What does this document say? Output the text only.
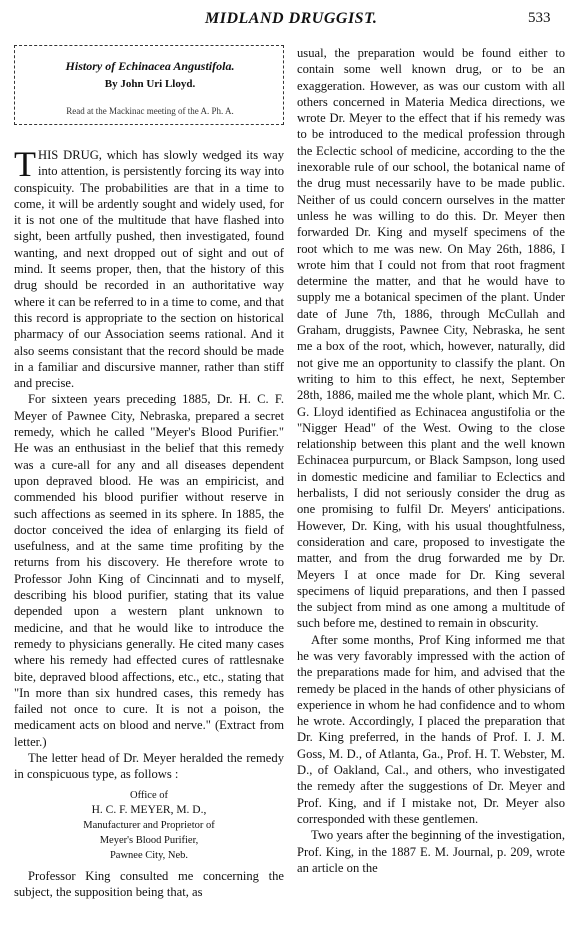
MIDLAND DRUGGIST.	533
History of Echinacea Angustifola.
By John Uri Lloyd.
Read at the Mackinac meeting of the A. Ph. A.

THIS DRUG, which has slowly wedged its way into attention, is persistently forcing its way into conspicuity. The probabilities are that in a time to come, it will be ardently sought and widely used, for it is not one of the multitude that have flashed into sight, been artfully pushed, then investigated, found wanting, and next dropped out of sight and out of mind. It seems proper, then, that the history of this drug should be recorded in an authoritative way where it can be referred to in a time to come, and that this record is appropriate to the section on historical pharmacy of our Association seems rational. And it also seems consistant that the record should be made in a familiar and discursive manner, rather than stiff and precise.

For sixteen years preceding 1885, Dr. H. C. F. Meyer of Pawnee City, Nebraska, prepared a secret remedy, which he called "Meyer's Blood Purifier." He was an enthusiast in the belief that this remedy was a cure-all for any and all diseases dependent upon depraved blood. He was an empiricist, and commended his blood purifier without reserve in such affections as seemed in its sphere. In 1885, the doctor conceived the idea of enlarging its field of usefulness, and at the same time profiting by the returns from his discovery. He therefore wrote to Professor John King of Cincinnati and to myself, describing his blood purifier, stating that its value depended upon a western plant unknown to medicine, and that he would like to introduce the remedy to physicians generally. He cited many cases where his remedy had effected cures of rattlesnake bite, depraved blood affections, etc., etc., stating that "In more than six hundred cases, this remedy has failed not once to cure. It is not a poison, the medicament acts on blood and nerve." (Extract from letter.)

The letter head of Dr. Meyer heralded the remedy in conspicuous type, as follows :

Office of
H. C. F. MEYER, M. D.,
Manufacturer and Proprietor of
Meyer's Blood Purifier,
Pawnee City, Neb.

Professor King consulted me concerning the subject, the supposition being that, as

usual, the preparation would be found either to contain some well known drug, or to be an exaggeration. However, as was our custom with all others concerned in Materia Medica directions, we wrote Dr. Meyer to the effect that if his remedy was to be introduced to the medical profession through the Eclectic school of medicine, according to the the inexorable rule of our school, the botanical name of the drug must necessarily have to be made public. Neither of us could concern ourselves in the matter unless he was willing to do this. Dr. Meyer then forwarded Dr. King and myself specimens of the root which to me was new. On May 26th, 1886, I wrote him that I could not from that root fragment determine the matter, and that he would have to supply me a botanical specimen of the plant. Under date of June 7th, 1886, through McCullah and Graham, druggists, Pawnee City, Nebraska, he sent me a box of the root, which, however, naturally, did not give me an opportunity to classify the plant. On writing to him to this effect, he next, September 28th, 1886, mailed me the whole plant, which Mr. C. G. Lloyd identified as Echinacea angustifolia or the "Nigger Head" of the West. Owing to the close relationship between this plant and the well known Echinacea purpurcum, or Black Sampson, long used in domestic medicine and familiar to Eclectics and herbalists, I did not seriously consider the drug as one promising to fulfil Dr. Meyers' anticipations. However, Dr. King, with his usual thoughtfulness, consideration and care, proposed to investigate the matter, and from the drug forwarded me by Dr. Meyers I at once made for Dr. King several specimens of liquid preparations, and then I passed the subject from mind as one among a multitude of such before me, destined to remain in obscurity.

After some months, Prof King informed me that he was very favorably impressed with the action of the preparations made for him, and advised that the remedy be placed in the hands of other physicians of experience in whom he had confidence and to whom he wrote. Accordingly, I placed the preparation that Dr. King preferred, in the hands of Prof. I. J. M. Goss, M. D., of Atlanta, Ga., Prof. H. T. Webster, M. D., of Oakland, Cal., and others, who investigated the remedy after the suggestions of Dr. Meyer and Prof. King, and if I mistake not, Dr. Meyer also corresponded with these gentlemen.

Two years after the beginning of the investigation, Prof. King, in the 1887 E. M. Journal, p. 209, wrote an article on the
